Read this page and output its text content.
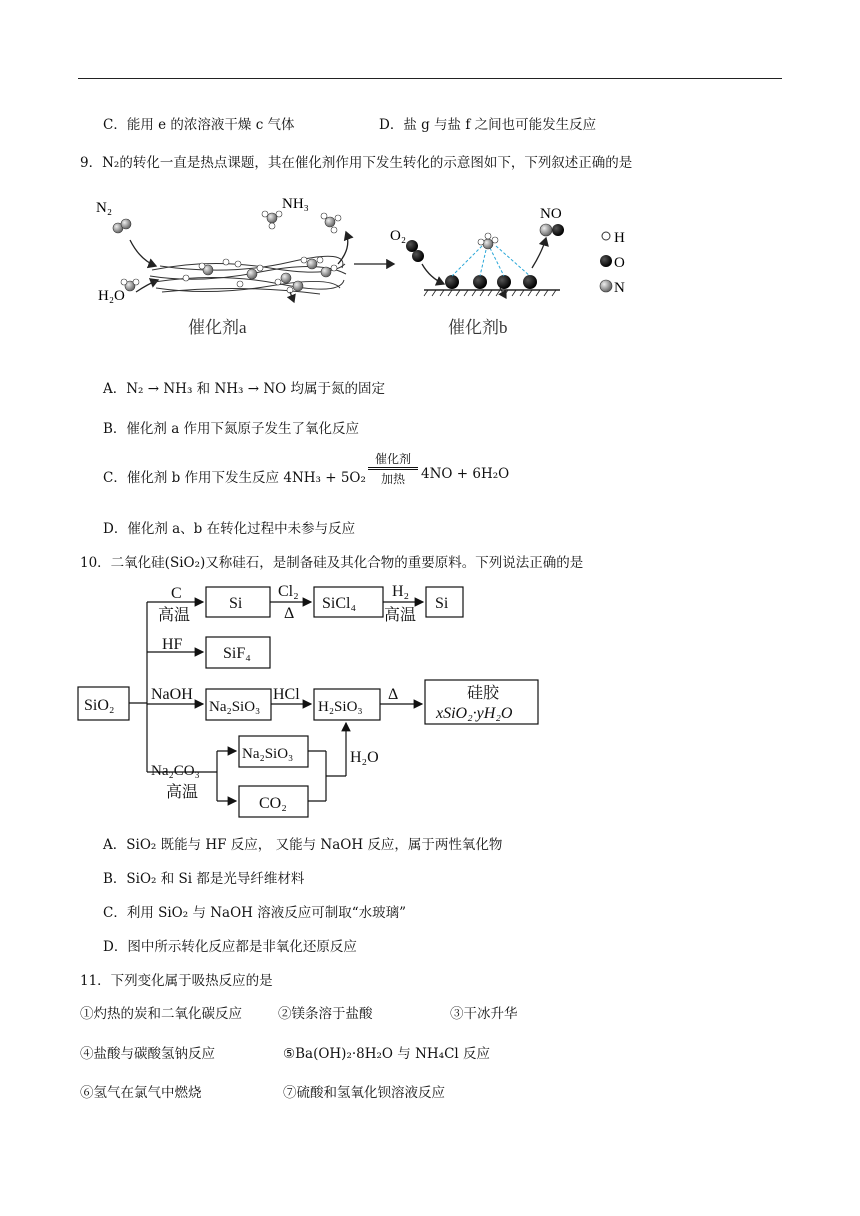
C．能用 e 的浓溶液干燥 c 气体	D．盐 g 与盐 f 之间也可能发生反应
9．N₂的转化一直是热点课题，其在催化剂作用下发生转化的示意图如下，下列叙述正确的是
N₂	NH₃
H₂O
O₂
NO
催化剂a	催化剂b
H
O
N
A．N₂ → NH₃ 和 NH₃ → NO 均属于氮的固定
B．催化剂 a 作用下氮原子发生了氧化反应
C．催化剂 b 作用下发生反应 4NH₃ + 5O₂
催化剂
加热	4NO + 6H₂O
D．催化剂 a、b 在转化过程中未参与反应
10．二氧化硅(SiO₂)又称硅石，是制备硅及其化合物的重要原料。下列说法正确的是
SiO₂
C
高温
Si
Cl₂
Δ
SiCl₄
H₂
高温
Si
HF
SiF₄
NaOH
Na₂SiO₃
HCl
H₂SiO₃
Δ	硅胶
xSiO₂·yH₂O
Na₂CO₃
高温
Na₂SiO₃
CO₂
H₂O
A．SiO₂ 既能与 HF 反应， 又能与 NaOH 反应，属于两性氧化物
B．SiO₂ 和 Si 都是光导纤维材料
C．利用 SiO₂ 与 NaOH 溶液反应可制取“水玻璃”
D．图中所示转化反应都是非氧化还原反应
11．下列变化属于吸热反应的是
①灼热的炭和二氧化碳反应	②镁条溶于盐酸	③干冰升华
④盐酸与碳酸氢钠反应	⑤Ba(OH)₂·8H₂O 与 NH₄Cl 反应
⑥氢气在氯气中燃烧	⑦硫酸和氢氧化钡溶液反应
